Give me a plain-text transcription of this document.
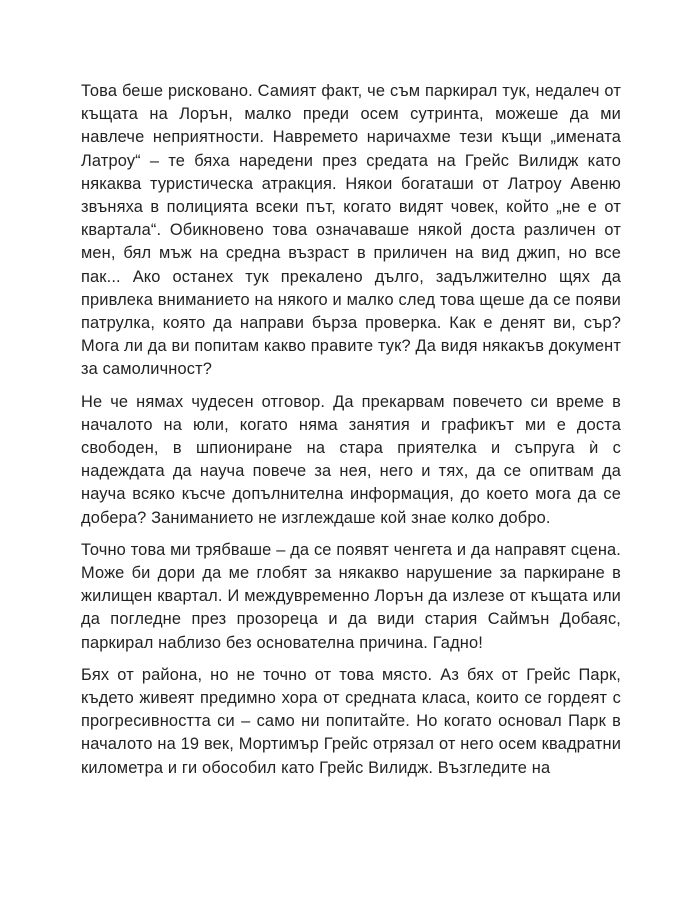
Това беше рисковано. Самият факт, че съм паркирал тук, недалеч от къщата на Лорън, малко преди осем сутринта, можеше да ми навлече неприятности. Навремето наричахме тези къщи „имената Латроу“ – те бяха наредени през средата на Грейс Вилидж като някаква туристическа атракция. Някои богаташи от Латроу Авеню звъняха в полицията всеки път, когато видят човек, който „не е от квартала“. Обикновено това означаваше някой доста различен от мен, бял мъж на средна възраст в приличен на вид джип, но все пак... Ако останех тук прекалено дълго, задължително щях да привлека вниманието на някого и малко след това щеше да се появи патрулка, която да направи бърза проверка. Как е денят ви, сър? Мога ли да ви попитам какво правите тук? Да видя някакъв документ за самоличност?

Не че нямах чудесен отговор. Да прекарвам повечето си време в началото на юли, когато няма занятия и графикът ми е доста свободен, в шпиониране на стара приятелка и съпруга ѝ с надеждата да науча повече за нея, него и тях, да се опитвам да науча всяко късче допълнителна информация, до което мога да се добера? Заниманието не изглеждаше кой знае колко добро.

Точно това ми трябваше – да се появят ченгета и да направят сцена. Може би дори да ме глобят за някакво нарушение за паркиране в жилищен квартал. И междувременно Лорън да излезе от къщата или да погледне през прозореца и да види стария Саймън Добаяс, паркирал наблизо без основателна причина. Гадно!

Бях от района, но не точно от това място. Аз бях от Грейс Парк, където живеят предимно хора от средната класа, които се гордеят с прогресивността си – само ни попитайте. Но когато основал Парк в началото на 19 век, Мортимър Грейс отрязал от него осем квадратни километра и ги обособил като Грейс Вилидж. Възгледите на
